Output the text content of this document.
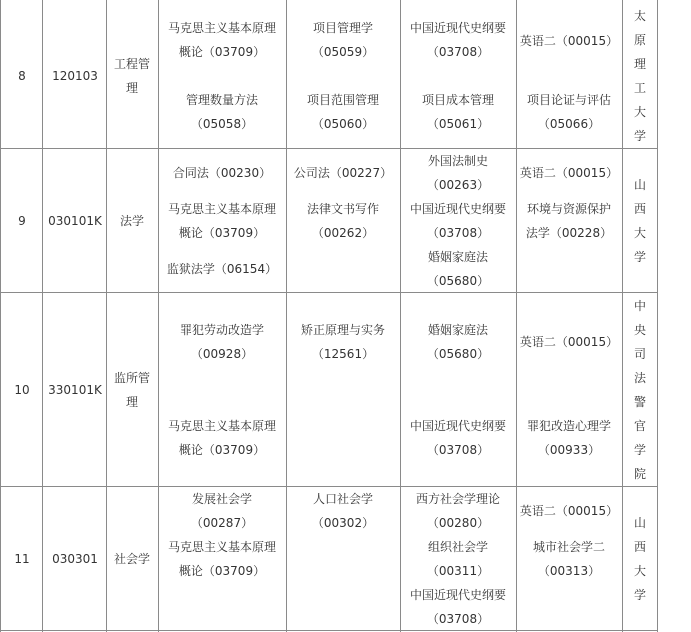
8 120103
工程管
理
马克思主义基本原理
概论（03709）
管理数量方法
（05058）
项目管理学
（05059）
项目范围管理
（05060）
中国近现代史纲要
（03708）
项目成本管理
（05061）
英语二（00015）
项目论证与评估
（05066）
太
原
理
工
大
学
9 030101K 法学
合同法（00230）
马克思主义基本原理
概论（03709）
监狱法学（06154）
公司法（00227）
法律文书写作
（00262）
外国法制史
（00263）
中国近现代史纲要
（03708）
婚姻家庭法
（05680）
英语二（00015）
环境与资源保护
法学（00228）
山
西
大
学
10 330101K
监所管
理
罪犯劳动改造学
（00928）
马克思主义基本原理
概论（03709）
矫正原理与实务
（12561）
婚姻家庭法
（05680）
中国近现代史纲要
（03708）
英语二（00015）
罪犯改造心理学
（00933）
中
央
司
法
警
官
学
院
11 030301 社会学
发展社会学
（00287）
马克思主义基本原理
概论（03709）
人口社会学
（00302）
西方社会学理论
（00280）
组织社会学
（00311）
中国近现代史纲要
（03708）
英语二（00015）
城市社会学二
（00313）
山
西
大
学
